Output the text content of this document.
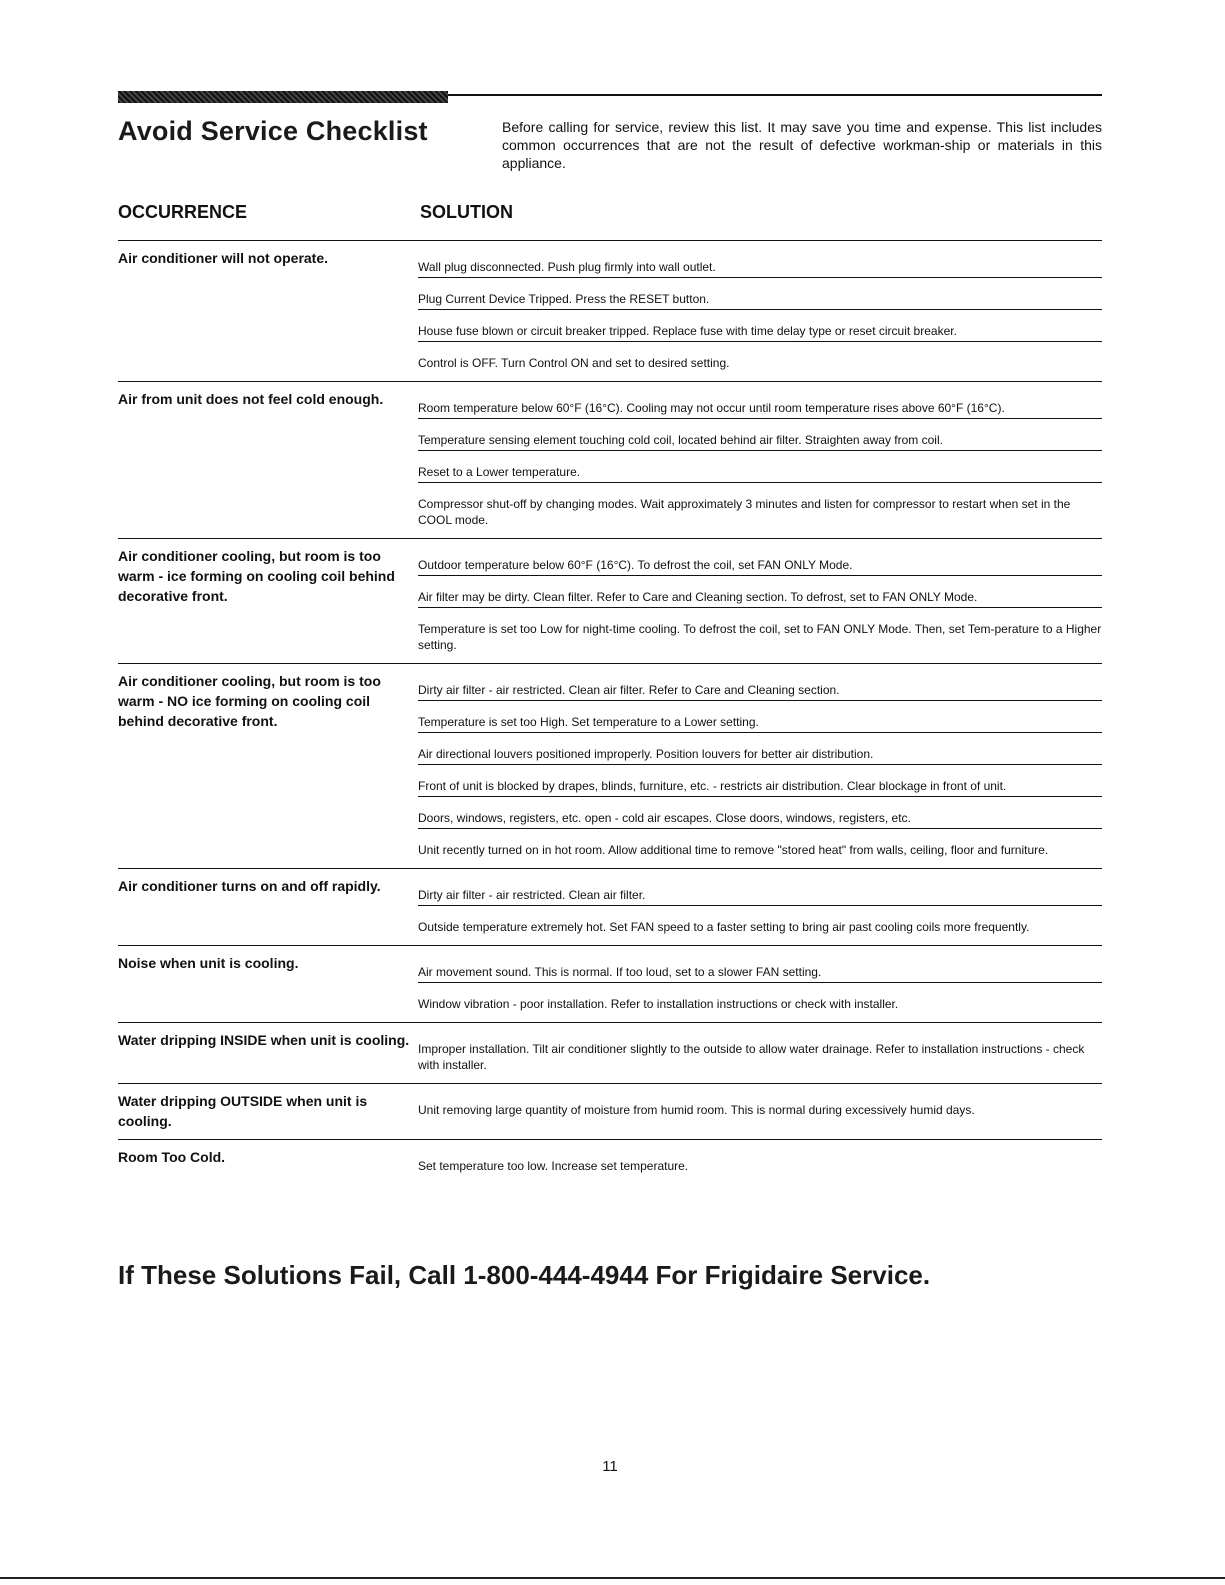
Avoid Service Checklist	Before calling for service, review this list. It may save you time and expense. This list includes common occurrences that are not the result of defective workman-ship or materials in this appliance.

OCCURRENCE	SOLUTION
Air conditioner will not operate.
Wall plug disconnected. Push plug firmly into wall outlet.
Plug Current Device Tripped. Press the RESET button.
House fuse blown or circuit breaker tripped. Replace fuse with time delay type or reset circuit breaker.
Control is OFF. Turn Control ON and set to desired setting.
Air from unit does not feel cold enough.
Room temperature below 60°F (16°C). Cooling may not occur until room temperature rises above 60°F (16°C).
Temperature sensing element touching cold coil, located behind air filter. Straighten away from coil.
Reset to a Lower temperature.
Compressor shut-off by changing modes. Wait approximately 3 minutes and listen for compressor to restart when set in the COOL mode.
Air conditioner cooling, but room is too warm - ice forming on cooling coil behind decorative front.
Outdoor temperature below 60°F (16°C). To defrost the coil, set FAN ONLY Mode.
Air filter may be dirty. Clean filter. Refer to Care and Cleaning section. To defrost, set to FAN ONLY Mode.
Temperature is set too Low for night-time cooling. To defrost the coil, set to FAN ONLY Mode. Then, set Tem-perature to a Higher setting.
Air conditioner cooling, but room is too warm - NO ice forming on cooling coil behind decorative front.
Dirty air filter - air restricted. Clean air filter. Refer to Care and Cleaning section.
Temperature is set too High. Set temperature to a Lower setting.
Air directional louvers positioned improperly. Position louvers for better air distribution.
Front of unit is blocked by drapes, blinds, furniture, etc. - restricts air distribution. Clear blockage in front of unit.
Doors, windows, registers, etc. open - cold air escapes. Close doors, windows, registers, etc.
Unit recently turned on in hot room. Allow additional time to remove "stored heat" from walls, ceiling, floor and furniture.
Air conditioner turns on and off rapidly.
Dirty air filter - air restricted. Clean air filter.
Outside temperature extremely hot. Set FAN speed to a faster setting to bring air past cooling coils more frequently.
Noise when unit is cooling.
Air movement sound. This is normal. If too loud, set to a slower FAN setting.
Window vibration - poor installation. Refer to installation instructions or check with installer.
Water dripping INSIDE when unit is cooling.
Improper installation. Tilt air conditioner slightly to the outside to allow water drainage. Refer to installation instructions - check with installer.
Water dripping OUTSIDE when unit is cooling.
Unit removing large quantity of moisture from humid room. This is normal during excessively humid days.
Room Too Cold.
Set temperature too low. Increase set temperature.
If These Solutions Fail, Call 1-800-444-4944 For Frigidaire Service.
11
